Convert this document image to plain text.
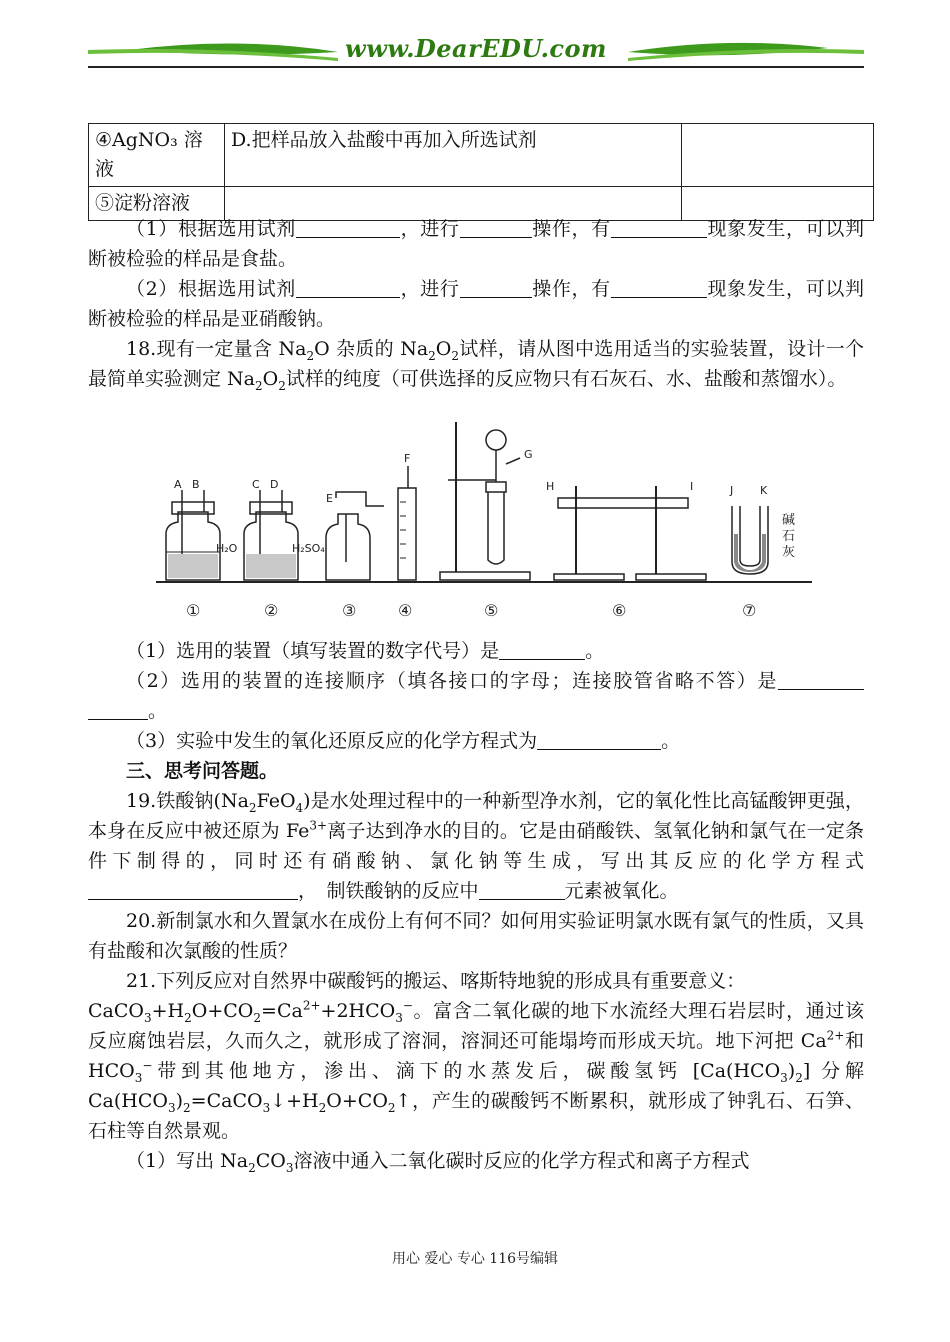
www.DearEDU.com
④AgNO₃ 溶液	D.把样品放入盐酸中再加入所选试剂	
⑤淀粉溶液		

（1）根据选用试剂	，进行	操作，有	现象发生，可以判断被检验的样品是食盐。

（2）根据选用试剂	，进行	操作，有	现象发生，可以判断被检验的样品是亚硝酸钠。

18.现有一定量含 $Na_2O$ 杂质的 $Na_2O_2$试样，请从图中选用适当的实验装置，设计一个最简单实验测定 $Na_2O_2$试样的纯度（可供选择的反应物只有石灰石、水、盐酸和蒸馏水）。

A B
H₂O
①
C D
H₂SO₄
②
E
③
F
④
G
⑤
H	I
⑥
J K
碱
石
灰
⑦

（1）选用的装置（填写装置的数字代号）是	。

（2）选用的装置的连接顺序（填各接口的字母；连接胶管省略不答）是。

（3）实验中发生的氧化还原反应的化学方程式为	。

三、思考问答题。

19.铁酸钠$(Na_2FeO_4)$是水处理过程中的一种新型净水剂，它的氧化性比高锰酸钾更强，本身在反应中被还原为 $Fe^{3+}$离子达到净水的目的。它是由硝酸铁、氢氧化钠和氯气在一定条件下制得的，同时还有硝酸钠、氯化钠等生成，写出其反应的化学方程式 ，　制铁酸钠的反应中	元素被氧化。

20.新制氯水和久置氯水在成份上有何不同？如何用实验证明氯水既有氯气的性质，又具有盐酸和次氯酸的性质？

21.下列反应对自然界中碳酸钙的搬运、喀斯特地貌的形成具有重要意义：

$CaCO_3+H_2O+CO_2=Ca^{2+}+2HCO_3^-$。富含二氧化碳的地下水流经大理石岩层时，通过该反应腐蚀岩层，久而久之，就形成了溶洞，溶洞还可能塌垮而形成天坑。地下河把 $Ca^{2+}$和$HCO_3^-$带到其他地方，渗出、滴下的水蒸发后，碳酸氢钙 $[Ca(HCO_3)_2]$ 分解$Ca(HCO_3)_2=CaCO_3↓+H_2O+CO_2↑$，产生的碳酸钙不断累积，就形成了钟乳石、石笋、石柱等自然景观。

（1）写出 $Na_2CO_3$溶液中通入二氧化碳时反应的化学方程式和离子方程式

用心 爱心 专心 116号编辑
